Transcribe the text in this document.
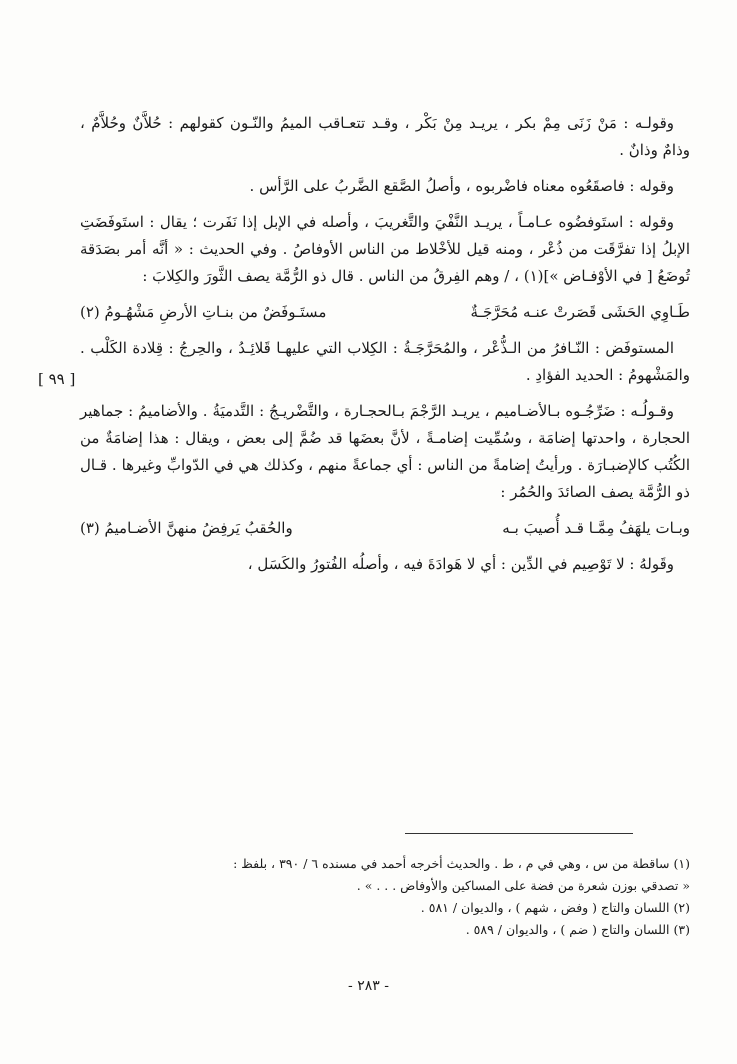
[ ٩٩ ]

وقولـه : مَنْ زَنَى مِمْ بكر ، يريـد مِنْ بَكْر ، وقـد تتعـاقب الميمُ والنّـون كقولهم : حُلاَّنٌ وحُلاَّمٌ ، وذامٌ وذانٌ .

وقوله : فاصقَعُوه معناه فاضْربوه ، وأصلُ الصَّقع الضَّربُ على الرَّأس .

وقوله : استَوفضُوه عـامـاً ، يريـد النَّفْيَ والتَّغريبَ ، وأصله في الإبل إذا نَفَرت ؛ يقال : استَوفَضَتِ الإبلُ إذا تفرَّقَت من ذُعْر ، ومنه قيل للأخْلاط من الناس الأوفاصُ . وفي الحديث : « أنَّه أمر بصَدَقة تُوضَعُ [ في الأوْفـاض »](١) ، / وهم الفِرقُ من الناس . قال ذو الرُّمَّة يصف الثَّورَ والكِلابَ :

طَـاوِي الحَشَى قَصَرتْ عنـه مُحَرَّجَـةٌ
مستَـوفَضٌ من بنـاتِ الأرضِ مَشْهُـومُ (٢)

المستوفَض : النّـافرُ من الـذُّعْر ، والمُحَرَّجَـةُ : الكِلاب التي عليهـا قَلائِـدُ ، والحِرجُ : قِلادة الكَلْب . والمَشْهومُ : الحديد الفؤادِ .

وقـولُـه : ضَرِّجُـوه بـالأضـاميم ، يريـد الرَّجْمَ بـالحجـارة ، والتَّضْريـجُ : التَّدميَةُ . والأضاميمُ : جماهير الحجارة ، واحدتها إضامَة ، وسُمِّيت إضامـةً ، لأنَّ بعضَها قد ضُمَّ إلى بعض ، ويقال : هذا إضامَةٌ من الكُتُب كالإضبـارَة . ورأيتُ إضامةً من الناس : أي جماعةً منهم ، وكذلك هي في الدّوابِّ وغيرها . قـال ذو الرُّمَّة يصف الصائدَ والحُمُر :

وبـات يلهَفُ مِمَّـا قـد أُصيبَ بـه
والحُقبُ يَرفِضُ منهنَّ الأضـاميمُ (٣)

وقَولهُ : لا تَوْصِيم في الدِّين : أي لا هَوادَةَ فيه ، وأصلُه الفُتورُ والكَسَل ،

(١) ساقطة من س ، وهي في م ، ط . والحديث أخرجه أحمد في مسنده ٦ / ٣٩٠ ، بلفظ :

« تصدقي بوزن شعرة من فضة على المساكين والأوفاض . . . » .

(٢) اللسان والتاج ( وفض ، شهم ) ، والديوان / ٥٨١ .

(٣) اللسان والتاج ( ضم ) ، والديوان / ٥٨٩ .

- ٢٨٣ -
